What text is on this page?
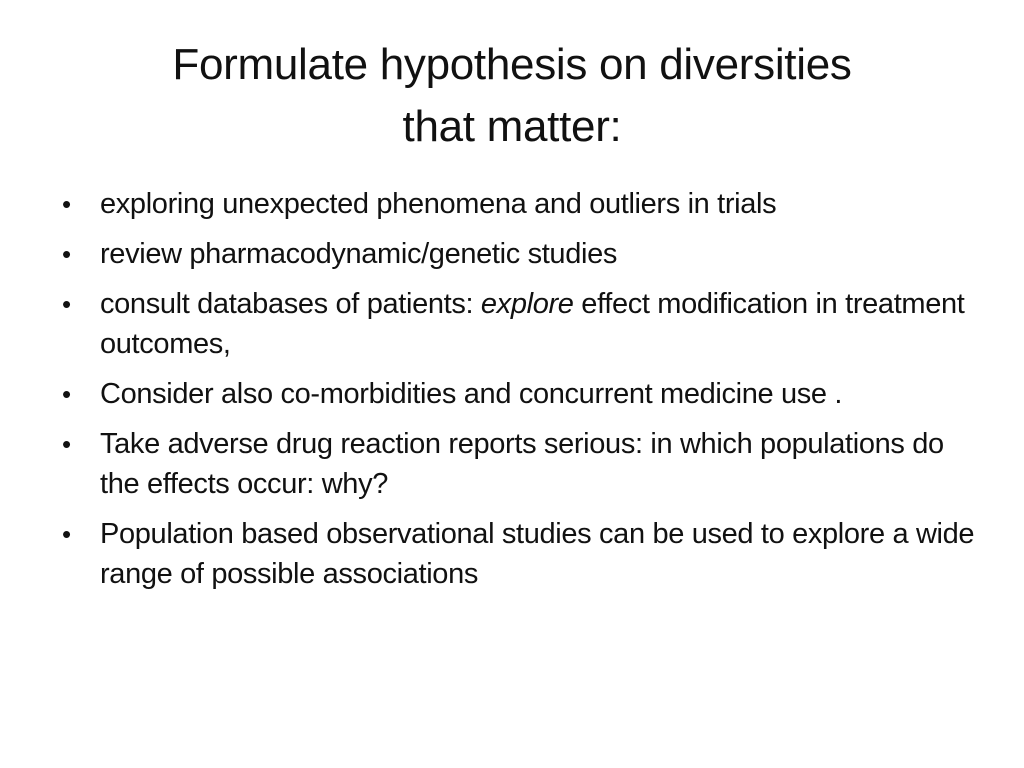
Formulate hypothesis on diversities
that matter:
• exploring unexpected phenomena and outliers in trials
• review pharmacodynamic/genetic studies
• consult databases of patients: explore effect modification in treatment outcomes,
• Consider also co-morbidities and concurrent medicine use .
• Take adverse drug reaction reports serious: in which populations do the effects occur: why?
• Population based observational studies can be used to explore a wide range of possible associations
